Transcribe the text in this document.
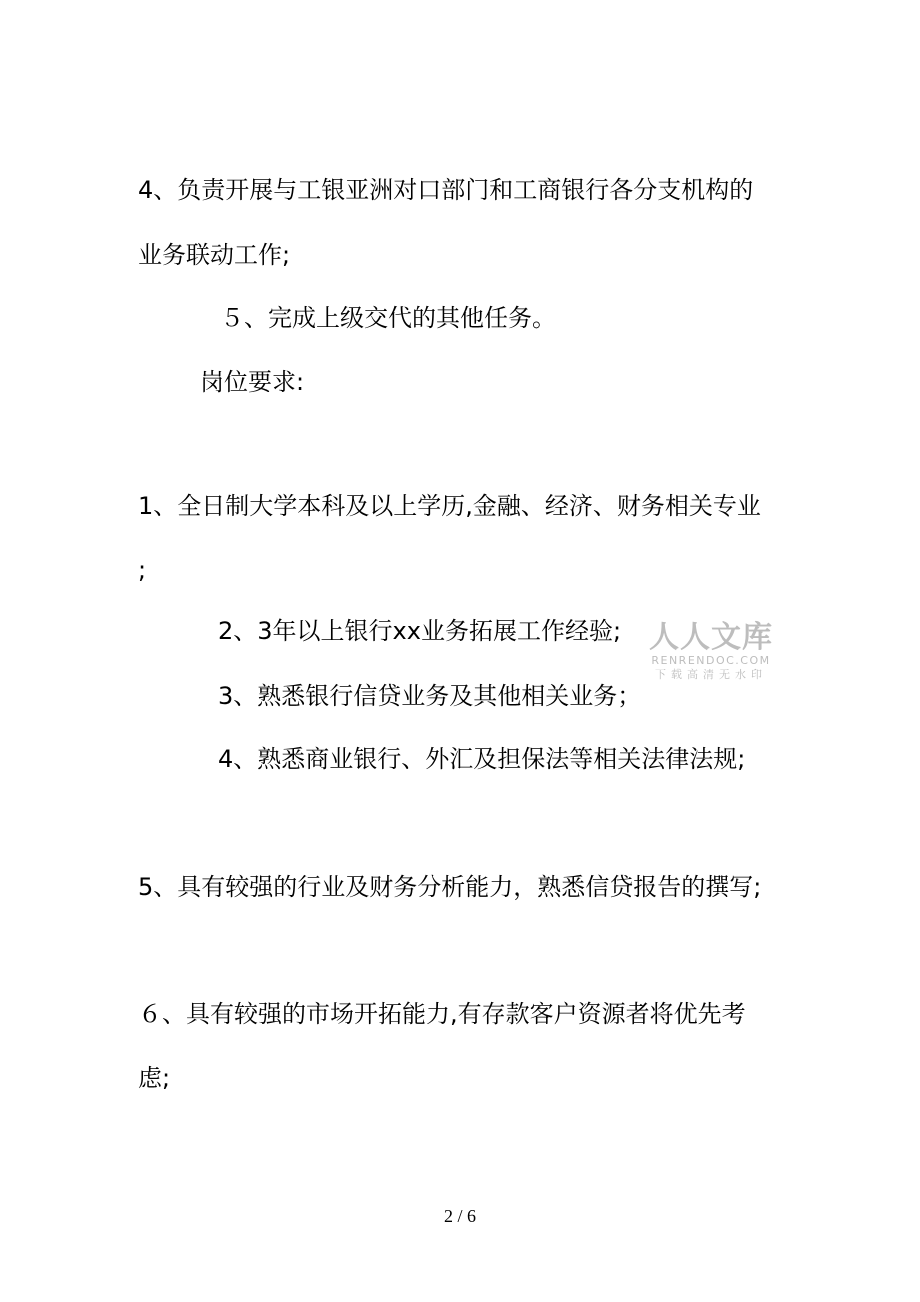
4、负责开展与工银亚洲对口部门和工商银行各分支机构的

业务联动工作;

５、完成上级交代的其他任务。

岗位要求:

1、全日制大学本科及以上学历,金融、经济、财务相关专业

;

2、3年以上银行xx业务拓展工作经验;

3、熟悉银行信贷业务及其他相关业务；

4、熟悉商业银行、外汇及担保法等相关法律法规;

5、具有较强的行业及财务分析能力，熟悉信贷报告的撰写;

６、具有较强的市场开拓能力,有存款客户资源者将优先考

虑;

人人文库
RENRENDOC.COM
下载高清无水印
2 / 6
